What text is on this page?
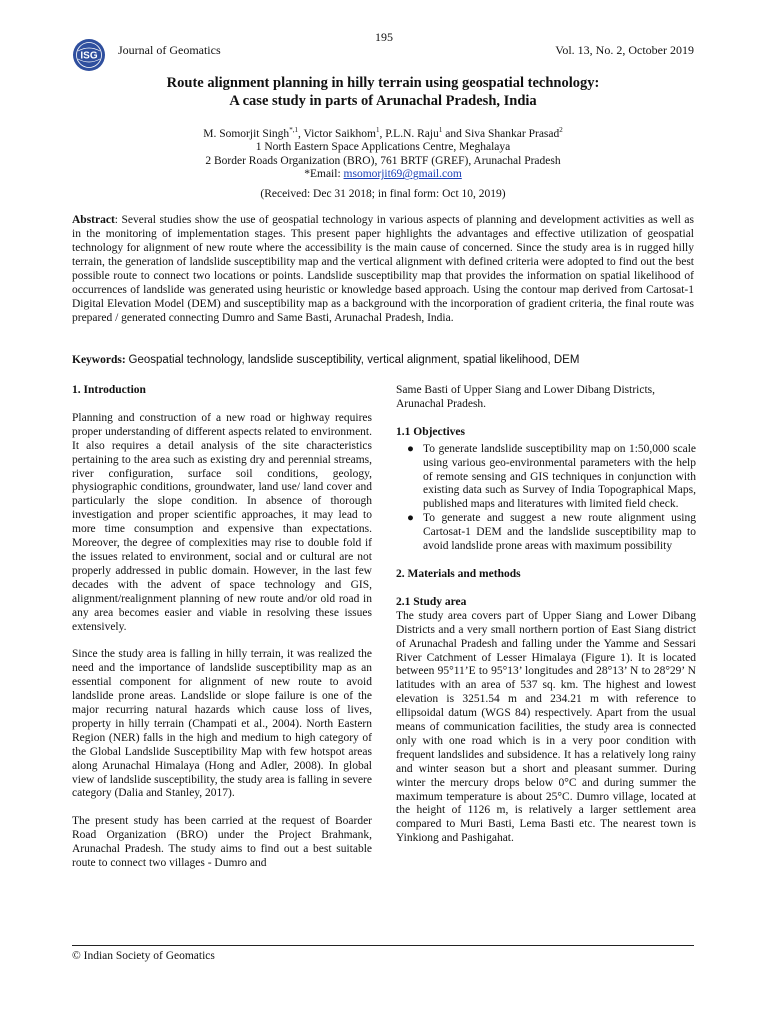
195
ISG Journal of Geomatics	Vol. 13, No. 2, October 2019
Route alignment planning in hilly terrain using geospatial technology:
A case study in parts of Arunachal Pradesh, India
M. Somorjit Singh$^{*,1}$, Victor Saikhom$^1$, P.L.N. Raju$^1$ and Siva Shankar Prasad$^2$
1 North Eastern Space Applications Centre, Meghalaya
2 Border Roads Organization (BRO), 761 BRTF (GREF), Arunachal Pradesh
*Email: msomorjit69@gmail.com
(Received: Dec 31 2018; in final form: Oct 10, 2019)
Abstract: Several studies show the use of geospatial technology in various aspects of planning and development activities as well as in the monitoring of implementation stages. This present paper highlights the advantages and effective utilization of geospatial technology for alignment of new route where the accessibility is the main cause of concerned. Since the study area is in rugged hilly terrain, the generation of landslide susceptibility map and the vertical alignment with defined criteria were adopted to find out the best possible route to connect two locations or points. Landslide susceptibility map that provides the information on spatial likelihood of occurrences of landslide was generated using heuristic or knowledge based approach. Using the contour map derived from Cartosat-1 Digital Elevation Model (DEM) and susceptibility map as a background with the incorporation of gradient criteria, the final route was prepared / generated connecting Dumro and Same Basti, Arunachal Pradesh, India.
Keywords: Geospatial technology, landslide susceptibility, vertical alignment, spatial likelihood, DEM

1. Introduction

Planning and construction of a new road or highway requires proper understanding of different aspects related to environment. It also requires a detail analysis of the site characteristics pertaining to the area such as existing dry and perennial streams, river configuration, surface soil conditions, geology, physiographic conditions, groundwater, land use/ land cover and particularly the slope condition. In absence of thorough investigation and proper scientific approaches, it may lead to more time consumption and expensive than expectations. Moreover, the degree of complexities may rise to double fold if the issues related to environment, social and or cultural are not properly addressed in public domain. However, in the last few decades with the advent of space technology and GIS, alignment/realignment planning of new route and/or old road in any area becomes easier and viable in resolving these issues extensively.

Since the study area is falling in hilly terrain, it was realized the need and the importance of landslide susceptibility map as an essential component for alignment of new route to avoid landslide prone areas. Landslide or slope failure is one of the major recurring natural hazards which cause loss of lives, property in hilly terrain (Champati et al., 2004). North Eastern Region (NER) falls in the high and medium to high category of the Global Landslide Susceptibility Map with few hotspot areas along Arunachal Himalaya (Hong and Adler, 2008). In global view of landslide susceptibility, the study area is falling in severe category (Dalia and Stanley, 2017).

The present study has been carried at the request of Boarder Road Organization (BRO) under the Project Brahmank, Arunachal Pradesh. The study aims to find out a best suitable route to connect two villages - Dumro and

Same Basti of Upper Siang and Lower Dibang Districts, Arunachal Pradesh.

1.1 Objectives

● To generate landslide susceptibility map on 1:50,000 scale using various geo-environmental parameters with the help of remote sensing and GIS techniques in conjunction with existing data such as Survey of India Topographical Maps, published maps and literatures with limited field check.
● To generate and suggest a new route alignment using Cartosat-1 DEM and the landslide susceptibility map to avoid landslide prone areas with maximum possibility

2. Materials and methods

2.1 Study area

The study area covers part of Upper Siang and Lower Dibang Districts and a very small northern portion of East Siang district of Arunachal Pradesh and falling under the Yamme and Sessari River Catchment of Lesser Himalaya (Figure 1). It is located between 95°11’E to 95°13’ longitudes and 28°13’ N to 28°29’ N latitudes with an area of 537 sq. km. The highest and lowest elevation is 3251.54 m and 234.21 m with reference to ellipsoidal datum (WGS 84) respectively. Apart from the usual means of communication facilities, the study area is connected only with one road which is in a very poor condition with frequent landslides and subsidence. It has a relatively long rainy and winter season but a short and pleasant summer. During winter the mercury drops below 0°C and during summer the maximum temperature is about 25°C. Dumro village, located at the height of 1126 m, is relatively a larger settlement area compared to Muri Basti, Lema Basti etc. The nearest town is Yinkiong and Pashigahat.

© Indian Society of Geomatics
